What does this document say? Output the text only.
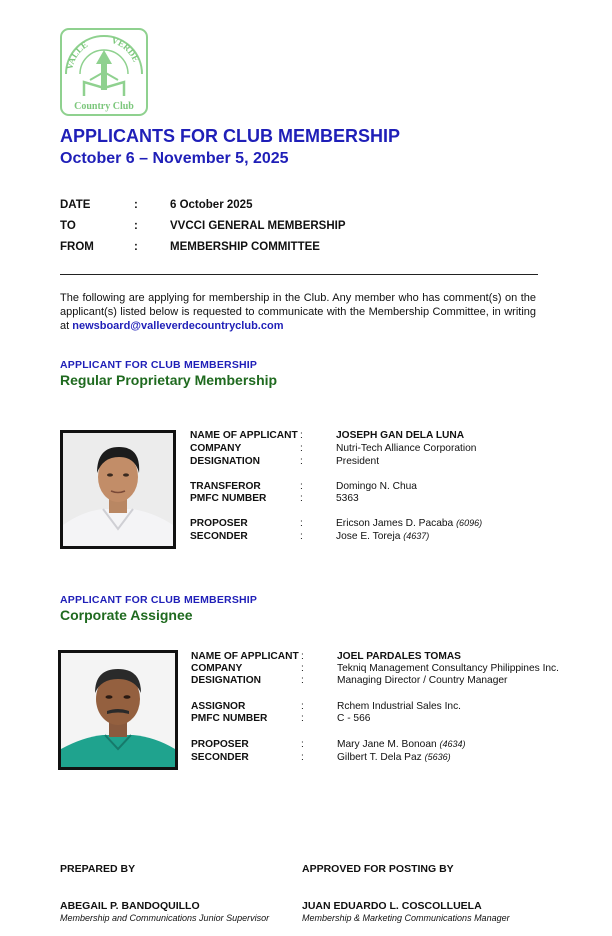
VALLE VERDE
Country Club
APPLICANTS FOR CLUB MEMBERSHIP
October 6 – November 5, 2025
DATE	:	6 October 2025
TO	:	VVCCI GENERAL MEMBERSHIP
FROM	:	MEMBERSHIP COMMITTEE
The following are applying for membership in the Club. Any member who has comment(s) on the applicant(s) listed below is requested to communicate with the Membership Committee, in writing at newsboard@valleverdecountryclub.com
APPLICANT FOR CLUB MEMBERSHIP
Regular Proprietary Membership
NAME OF APPLICANT :	JOSEPH GAN DELA LUNA
COMPANY	:	Nutri-Tech Alliance Corporation
DESIGNATION	:	President
TRANSFEROR	:	Domingo N. Chua
PMFC NUMBER	:	5363
PROPOSER	:	Ericson James D. Pacaba (6096)
SECONDER	:	Jose E. Toreja (4637)
APPLICANT FOR CLUB MEMBERSHIP
Corporate Assignee
NAME OF APPLICANT :	JOEL PARDALES TOMAS
COMPANY	:	Tekniq Management Consultancy Philippines Inc.
DESIGNATION	:	Managing Director / Country Manager
ASSIGNOR	:	Rchem Industrial Sales Inc.
PMFC NUMBER	:	C - 566
PROPOSER	:	Mary Jane M. Bonoan (4634)
SECONDER	:	Gilbert T. Dela Paz (5636)
PREPARED BY
ABEGAIL P. BANDOQUILLO
Membership and Communications Junior Supervisor
APPROVED FOR POSTING BY
JUAN EDUARDO L. COSCOLLUELA
Membership & Marketing Communications Manager
